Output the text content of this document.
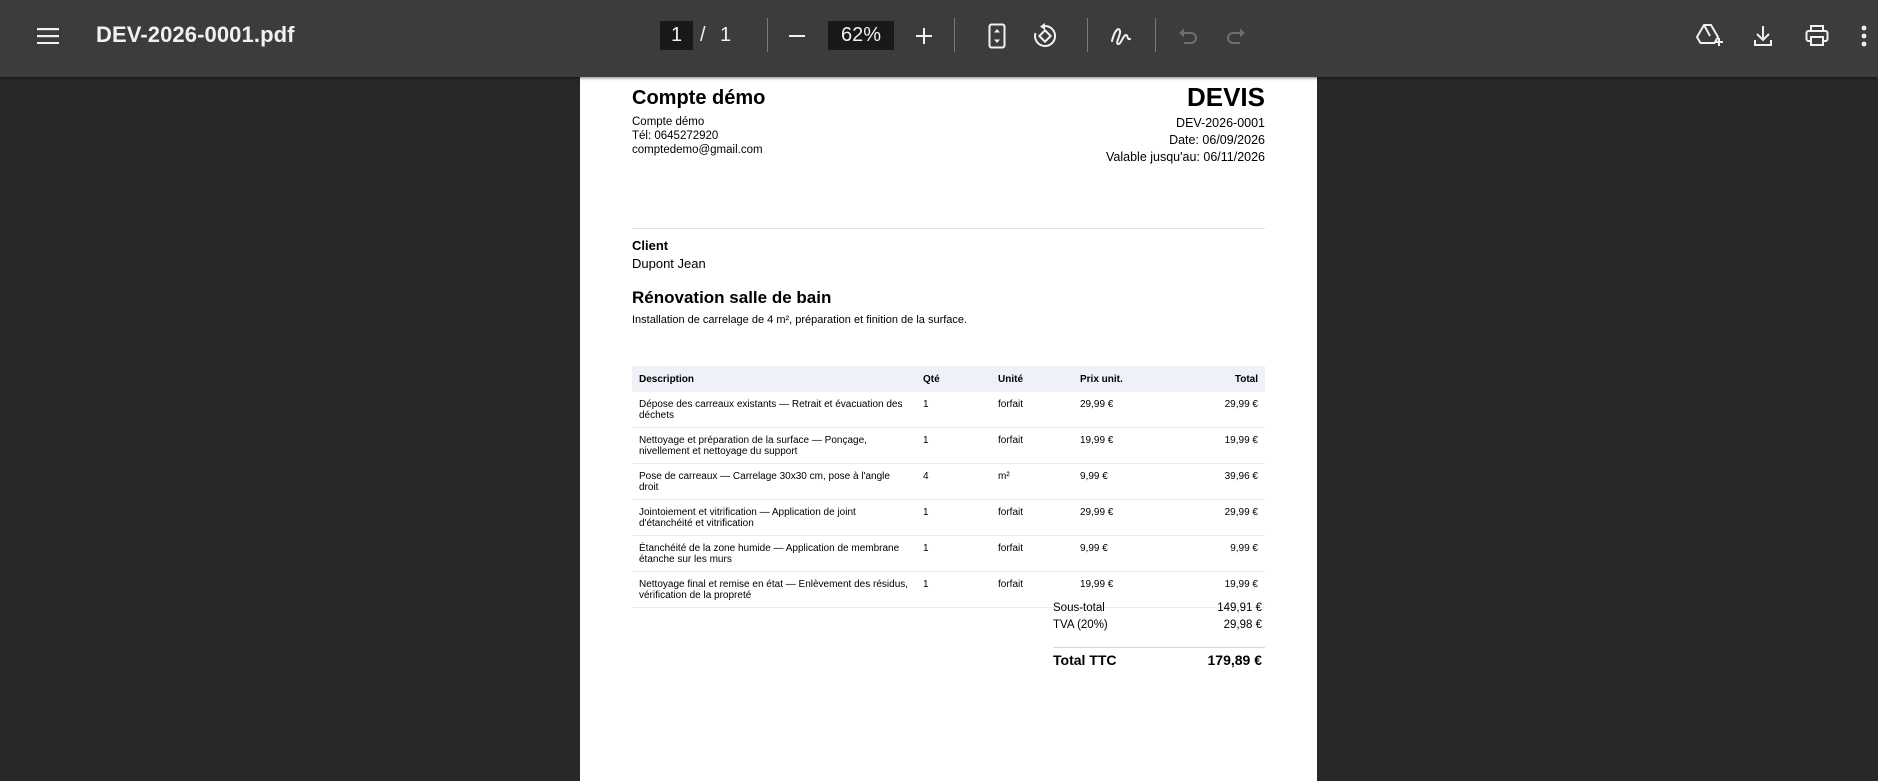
DEV-2026-0001.pdf
1	/ 1
62%
Compte démo
Compte démo
Tél: 0645272920
comptedemo@gmail.com
DEVIS
DEV-2026-0001
Date: 06/09/2026
Valable jusqu'au: 06/11/2026
Client
Dupont Jean
Rénovation salle de bain
Installation de carrelage de 4 m², préparation et finition de la surface.
Description	Qté	Unité	Prix unit.	Total
Dépose des carreaux existants — Retrait et évacuation des déchets	1	forfait	29,99 €	29,99 €
Nettoyage et préparation de la surface — Ponçage, nivellement et nettoyage du support	1	forfait	19,99 €	19,99 €
Pose de carreaux — Carrelage 30x30 cm, pose à l'angle droit	4	m²	9,99 €	39,96 €
Jointoiement et vitrification — Application de joint d'étanchéité et vitrification	1	forfait	29,99 €	29,99 €
Étanchéité de la zone humide — Application de membrane étanche sur les murs	1	forfait	9,99 €	9,99 €
Nettoyage final et remise en état — Enlèvement des résidus, vérification de la propreté	1	forfait	19,99 €	19,99 €
Sous-total	149,91 €
TVA (20%)	29,98 €
Total TTC	179,89 €
